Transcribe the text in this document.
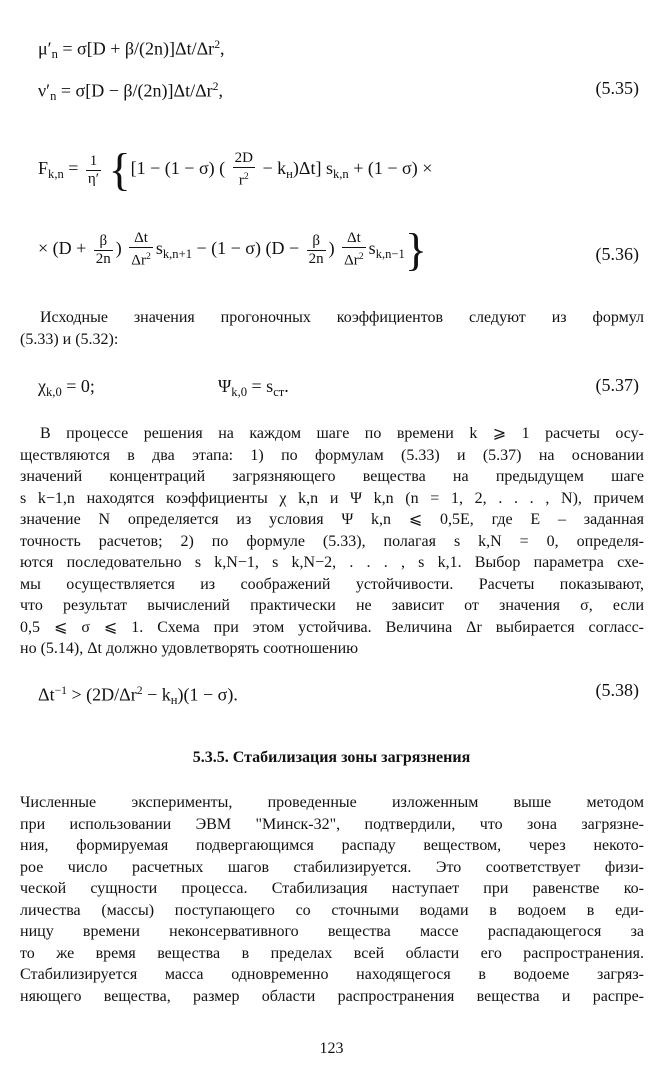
$\mu'_n = \sigma[D + \beta/(2n)]\Delta t/\Delta r^2$,
$\nu'_n = \sigma[D - \beta/(2n)]\Delta t/\Delta r^2$,	(5.35)
$F_{k,n} = \frac{1}{\eta'} \{[1 - (1 - \sigma)$ ( $\frac{2D}{r^2} - k_н)\Delta t$] $s_{k,n} + (1 - \sigma)$ ×
× ($D + \frac{\beta}{2n}$ ) $\frac{\Delta t}{\Delta r^2} s_{k,n+1} - (1 - \sigma) (D - \frac{\beta}{2n}$ ) $\frac{\Delta t}{\Delta r^2} s_{k,n-1}$}	(5.36)
Исходные значения прогоночных коэффициентов следуют из формул
(5.33) и (5.32):
$\chi_{k,0} = 0$;	$\Psi_{k,0} = s_{ст}$.	(5.37)
В процессе решения на каждом шаге по времени k ⩾ 1 расчеты осу-
ществляются в два этапа: 1) по формулам (5.33) и (5.37) на основании
значений концентраций загрязняющего вещества на предыдущем шаге
s k−1,n находятся коэффициенты χ k,n и Ψ k,n (n = 1, 2, . . . , N), причем
значение N определяется из условия Ψ k,n ⩽ 0,5E, где E – заданная
точность расчетов; 2) по формуле (5.33), полагая s k,N = 0, определя-
ются последовательно s k,N−1, s k,N−2, . . . , s k,1. Выбор параметра схе-
мы осуществляется из соображений устойчивости. Расчеты показывают,
что результат вычислений практически не зависит от значения σ, если
0,5 ⩽ σ ⩽ 1. Схема при этом устойчива. Величина Δr выбирается согласс-
но (5.14), Δt должно удовлетворять соотношению
$\Delta t^{-1} > (2D/\Delta r^2 - k_н)(1 - \sigma)$.	(5.38)
5.3.5. Стабилизация зоны загрязнения
Численные эксперименты, проведенные изложенным выше методом
при использовании ЭВМ "Минск-32", подтвердили, что зона загрязне-
ния, формируемая подвергающимся распаду веществом, через некото-
рое число расчетных шагов стабилизируется. Это соответствует физи-
ческой сущности процесса. Стабилизация наступает при равенстве ко-
личества (массы) поступающего со сточными водами в водоем в еди-
ницу времени неконсервативного вещества массе распадающегося за
то же время вещества в пределах всей области его распространения.
Стабилизируется масса одновременно находящегося в водоеме загряз-
няющего вещества, размер области распространения вещества и распре-
123
